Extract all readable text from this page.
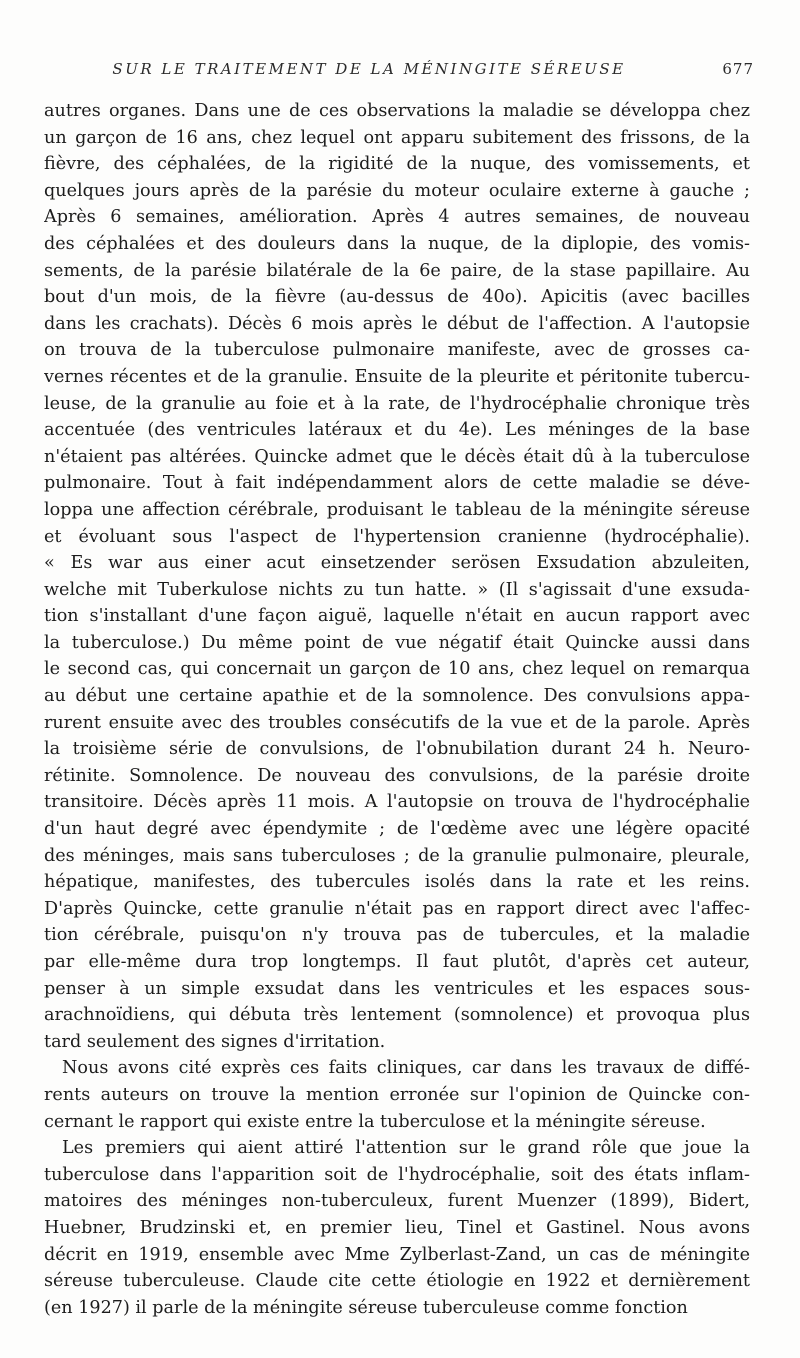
SUR LE TRAITEMENT DE LA MÉNINGITE SÉREUSE	677
autres organes. Dans une de ces observations la maladie se développa chez
un garçon de 16 ans, chez lequel ont apparu subitement des frissons, de la
fièvre, des céphalées, de la rigidité de la nuque, des vomissements, et
quelques jours après de la parésie du moteur oculaire externe à gauche ;
Après 6 semaines, amélioration. Après 4 autres semaines, de nouveau
des céphalées et des douleurs dans la nuque, de la diplopie, des vomis-
sements, de la parésie bilatérale de la 6e paire, de la stase papillaire. Au
bout d'un mois, de la fièvre (au-dessus de 40o). Apicitis (avec bacilles
dans les crachats). Décès 6 mois après le début de l'affection. A l'autopsie
on trouva de la tuberculose pulmonaire manifeste, avec de grosses ca-
vernes récentes et de la granulie. Ensuite de la pleurite et péritonite tubercu-
leuse, de la granulie au foie et à la rate, de l'hydrocéphalie chronique très
accentuée (des ventricules latéraux et du 4e). Les méninges de la base
n'étaient pas altérées. Quincke admet que le décès était dû à la tuberculose
pulmonaire. Tout à fait indépendamment alors de cette maladie se déve-
loppa une affection cérébrale, produisant le tableau de la méningite séreuse
et évoluant sous l'aspect de l'hypertension cranienne (hydrocéphalie).
« Es war aus einer acut einsetzender serösen Exsudation abzuleiten,
welche mit Tuberkulose nichts zu tun hatte. » (Il s'agissait d'une exsuda-
tion s'installant d'une façon aiguë, laquelle n'était en aucun rapport avec
la tuberculose.) Du même point de vue négatif était Quincke aussi dans
le second cas, qui concernait un garçon de 10 ans, chez lequel on remarqua
au début une certaine apathie et de la somnolence. Des convulsions appa-
rurent ensuite avec des troubles consécutifs de la vue et de la parole. Après
la troisième série de convulsions, de l'obnubilation durant 24 h. Neuro-
rétinite. Somnolence. De nouveau des convulsions, de la parésie droite
transitoire. Décès après 11 mois. A l'autopsie on trouva de l'hydrocéphalie
d'un haut degré avec épendymite ; de l'œdème avec une légère opacité
des méninges, mais sans tuberculoses ; de la granulie pulmonaire, pleurale,
hépatique, manifestes, des tubercules isolés dans la rate et les reins.
D'après Quincke, cette granulie n'était pas en rapport direct avec l'affec-
tion cérébrale, puisqu'on n'y trouva pas de tubercules, et la maladie
par elle-même dura trop longtemps. Il faut plutôt, d'après cet auteur,
penser à un simple exsudat dans les ventricules et les espaces sous-
arachnoïdiens, qui débuta très lentement (somnolence) et provoqua plus
tard seulement des signes d'irritation.
Nous avons cité exprès ces faits cliniques, car dans les travaux de diffé-
rents auteurs on trouve la mention erronée sur l'opinion de Quincke con-
cernant le rapport qui existe entre la tuberculose et la méningite séreuse.
Les premiers qui aient attiré l'attention sur le grand rôle que joue la
tuberculose dans l'apparition soit de l'hydrocéphalie, soit des états inflam-
matoires des méninges non-tuberculeux, furent Muenzer (1899), Bidert,
Huebner, Brudzinski et, en premier lieu, Tinel et Gastinel. Nous avons
décrit en 1919, ensemble avec Mme Zylberlast-Zand, un cas de méningite
séreuse tuberculeuse. Claude cite cette étiologie en 1922 et dernièrement
(en 1927) il parle de la méningite séreuse tuberculeuse comme fonction
